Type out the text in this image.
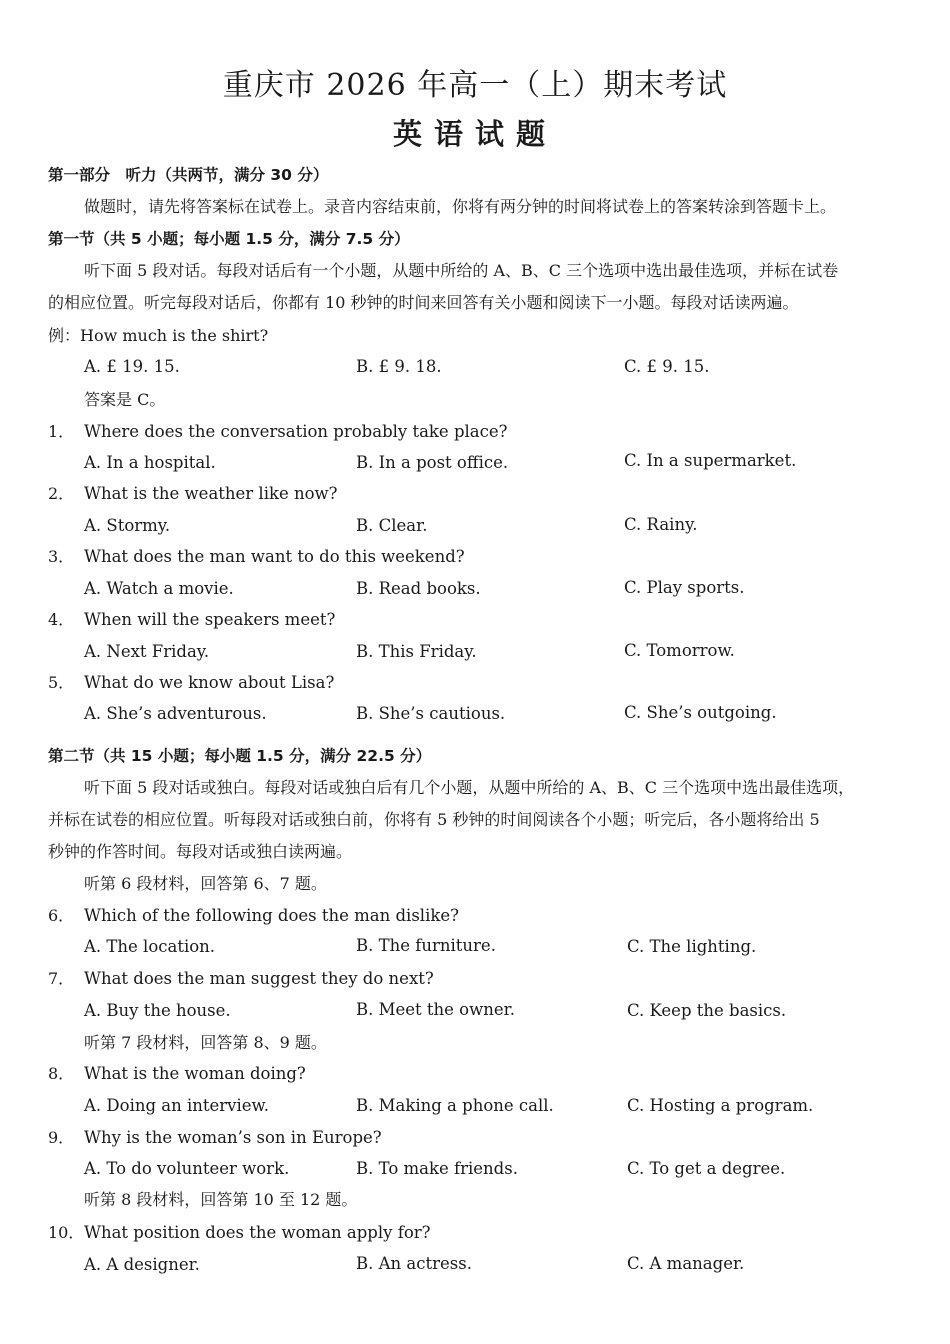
重庆市 2026 年高一（上）期末考试
英语试题
第一部分　听力（共两节，满分 30 分）
做题时，请先将答案标在试卷上。录音内容结束前，你将有两分钟的时间将试卷上的答案转涂到答题卡上。
第一节（共 5 小题；每小题 1.5 分，满分 7.5 分）
听下面 5 段对话。每段对话后有一个小题，从题中所给的 A、B、C 三个选项中选出最佳选项，并标在试卷
的相应位置。听完每段对话后，你都有 10 秒钟的时间来回答有关小题和阅读下一小题。每段对话读两遍。
例：How much is the shirt?
A. £ 19. 15.	B. £ 9. 18.	C. £ 9. 15.
答案是 C。
1． Where does the conversation probably take place?
A. In a hospital.	B. In a post office.	C. In a supermarket.
2． What is the weather like now?
A. Stormy.	B. Clear.	C. Rainy.
3． What does the man want to do this weekend?
A. Watch a movie.	B. Read books.	C. Play sports.
4． When will the speakers meet?
A. Next Friday.	B. This Friday.	C. Tomorrow.
5． What do we know about Lisa?
A. She’s adventurous.	B. She’s cautious.	C. She’s outgoing.
第二节（共 15 小题；每小题 1.5 分，满分 22.5 分）
听下面 5 段对话或独白。每段对话或独白后有几个小题，从题中所给的 A、B、C 三个选项中选出最佳选项，
并标在试卷的相应位置。听每段对话或独白前，你将有 5 秒钟的时间阅读各个小题；听完后，各小题将给出 5
秒钟的作答时间。每段对话或独白读两遍。
听第 6 段材料，回答第 6、7 题。
6． Which of the following does the man dislike?
A. The location.	B. The furniture.	C. The lighting.
7． What does the man suggest they do next?
A. Buy the house.	B. Meet the owner.	C. Keep the basics.
听第 7 段材料，回答第 8、9 题。
8． What is the woman doing?
A. Doing an interview.	B. Making a phone call.	C. Hosting a program.
9． Why is the woman’s son in Europe?
A. To do volunteer work.	B. To make friends.	C. To get a degree.
听第 8 段材料，回答第 10 至 12 题。
10． What position does the woman apply for?
A. A designer.	B. An actress.	C. A manager.
